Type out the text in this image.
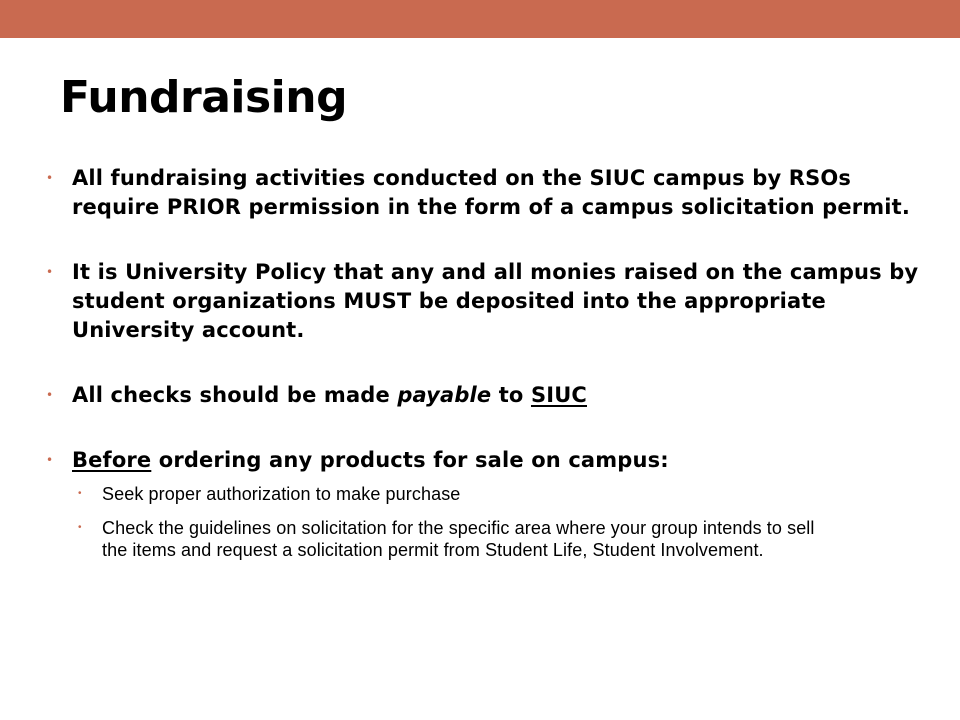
Fundraising
• All fundraising activities conducted on the SIUC campus by RSOs require PRIOR permission in the form of a campus solicitation permit.
• It is University Policy that any and all monies raised on the campus by student organizations MUST be deposited into the appropriate University account.
• All checks should be made payable to SIUC
• Before ordering any products for sale on campus:
• Seek proper authorization to make purchase
• Check the guidelines on solicitation for the specific area where your group intends to sell the items and request a solicitation permit from Student Life, Student Involvement.
